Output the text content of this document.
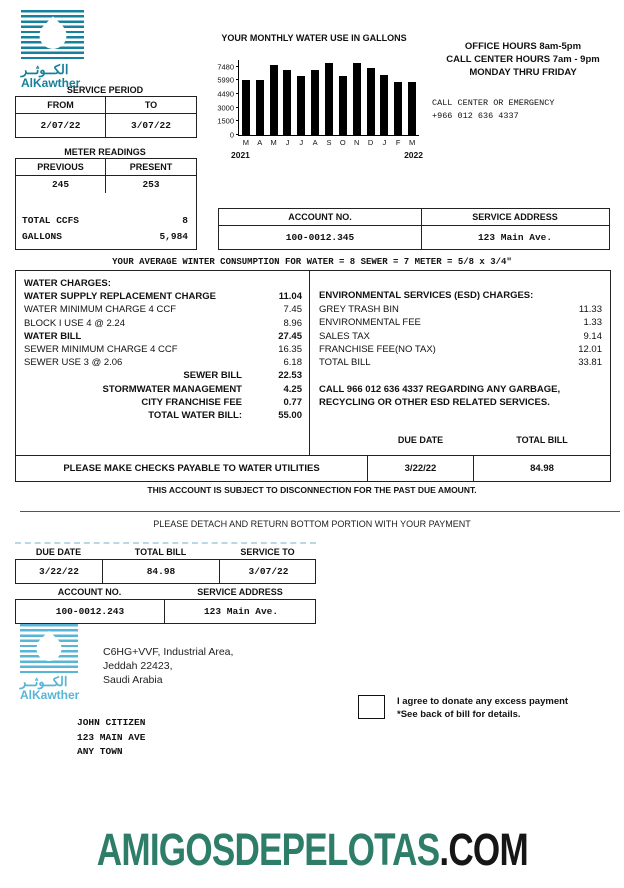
الكــوثــر
AlKawther
SERVICE PERIOD
FROM	TO
2/07/22	3/07/22
METER READINGS
PREVIOUS	PRESENT
245	253
TOTAL CCFS	8
GALLONS	5,984
YOUR MONTHLY WATER USE IN GALLONS
0
1500
3000
4490
5990
7480
M A M J J A S O N D J F M
2021	2022
OFFICE HOURS 8am-5pm
CALL CENTER HOURS 7am - 9pm
MONDAY THRU FRIDAY
CALL CENTER OR EMERGENCY
+966 012 636 4337
ACCOUNT NO.	SERVICE ADDRESS
100-0012.345	123 Main Ave.
YOUR AVERAGE WINTER CONSUMPTION FOR WATER = 8 SEWER = 7 METER = 5/8 x 3/4"
WATER CHARGES:
WATER SUPPLY REPLACEMENT CHARGE	11.04
WATER MINIMUM CHARGE 4 CCF	7.45
BLOCK I USE 4 @ 2.24	8.96
WATER BILL	27.45
SEWER MINIMUM CHARGE 4 CCF	16.35
SEWER USE 3 @ 2.06	6.18
SEWER BILL	22.53
STORMWATER MANAGEMENT	4.25
CITY FRANCHISE FEE	0.77
TOTAL WATER BILL:	55.00
ENVIRONMENTAL SERVICES (ESD) CHARGES:
GREY TRASH BIN	11.33
ENVIRONMENTAL FEE	1.33
SALES TAX	9.14
FRANCHISE FEE(NO TAX)	12.01
TOTAL BILL	33.81
CALL 966 012 636 4337 REGARDING ANY GARBAGE,
RECYCLING OR OTHER ESD RELATED SERVICES.
DUE DATE	TOTAL BILL
PLEASE MAKE CHECKS PAYABLE TO WATER UTILITIES	3/22/22	84.98
THIS ACCOUNT IS SUBJECT TO DISCONNECTION FOR THE PAST DUE AMOUNT.
PLEASE DETACH AND RETURN BOTTOM PORTION WITH YOUR PAYMENT
DUE DATE	TOTAL BILL	SERVICE TO
3/22/22	84.98	3/07/22
ACCOUNT NO.	SERVICE ADDRESS
100-0012.243	123 Main Ave.
الكــوثــر
AlKawther
C6HG+VVF, Industrial Area,
Jeddah 22423,
Saudi Arabia
I agree to donate any excess payment
*See back of bill for details.
JOHN CITIZEN
123 MAIN AVE
ANY TOWN
AMIGOSDEPELOTAS.COM
